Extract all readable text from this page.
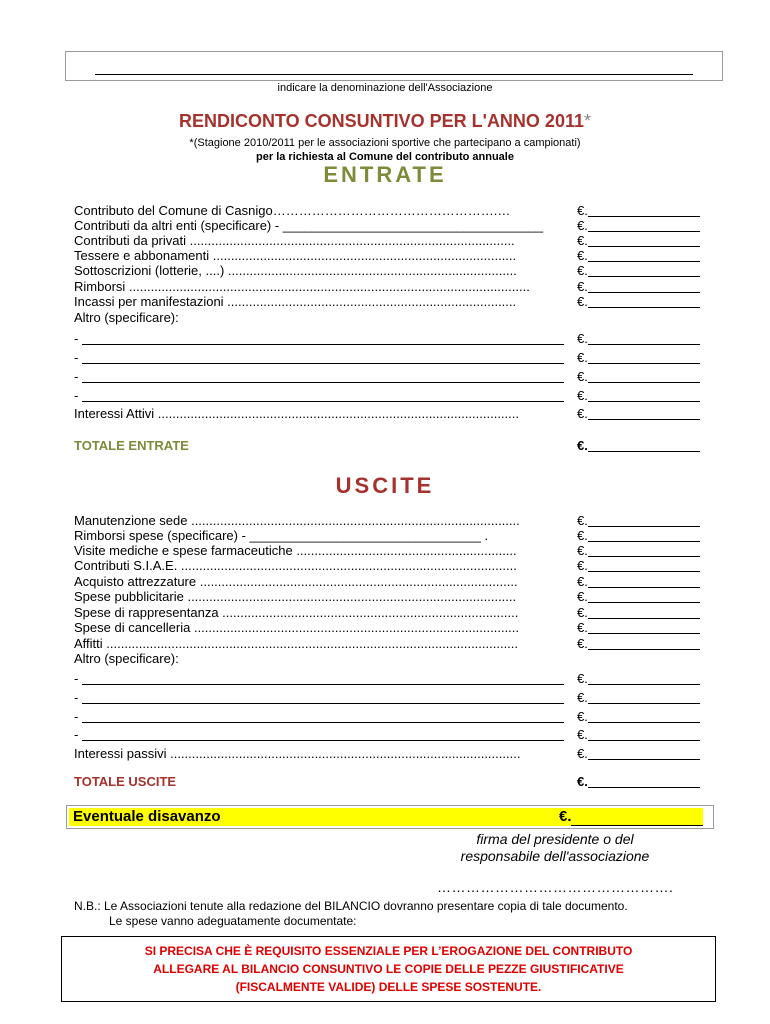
indicare la denominazione dell'Associazione
RENDICONTO CONSUNTIVO PER L'ANNO 2011*
*(Stagione 2010/2011 per le associazioni sportive che partecipano a campionati)
per la richiesta al Comune del contributo annuale
ENTRATE
Contributo del Comune di Casnigo…………………………………………….…	€.
Contributi da altri enti (specificare) - ____________________________________	€.
Contributi da privati ..........................................................................................	€.
Tessere e abbonamenti ....................................................................................	€.
Sottoscrizioni (lotterie, ....) ................................................................................	€.
Rimborsi ...............................................................................................................	€.
Incassi per manifestazioni ................................................................................	€.
Altro (specificare):
-	€.
-	€.
-	€.
-	€.
Interessi Attivi ....................................................................................................	€.
TOTALE ENTRATE	€.
USCITE
Manutenzione sede ...........................................................................................	€.
Rimborsi spese (specificare) - ________________________________ .	€.
Visite mediche e spese farmaceutiche .............................................................	€.
Contributi S.I.A.E. .............................................................................................	€.
Acquisto attrezzature ........................................................................................	€.
Spese pubblicitarie ...........................................................................................	€.
Spese di rappresentanza ..................................................................................	€.
Spese di cancelleria ..........................................................................................	€.
Affitti ..................................................................................................................	€.
Altro (specificare):
-	€.
-	€.
-	€.
-	€.
Interessi passivi .................................................................................................	€.
TOTALE USCITE	€.
Eventuale disavanzo	€.
firma del presidente o del
responsabile dell'associazione
………………………………………….
N.B.: Le Associazioni tenute alla redazione del BILANCIO dovranno presentare copia di tale documento.
Le spese vanno adeguatamente documentate:
SI PRECISA CHE È REQUISITO ESSENZIALE PER L’EROGAZIONE DEL CONTRIBUTO
ALLEGARE AL BILANCIO CONSUNTIVO LE COPIE DELLE PEZZE GIUSTIFICATIVE
(FISCALMENTE VALIDE) DELLE SPESE SOSTENUTE.
